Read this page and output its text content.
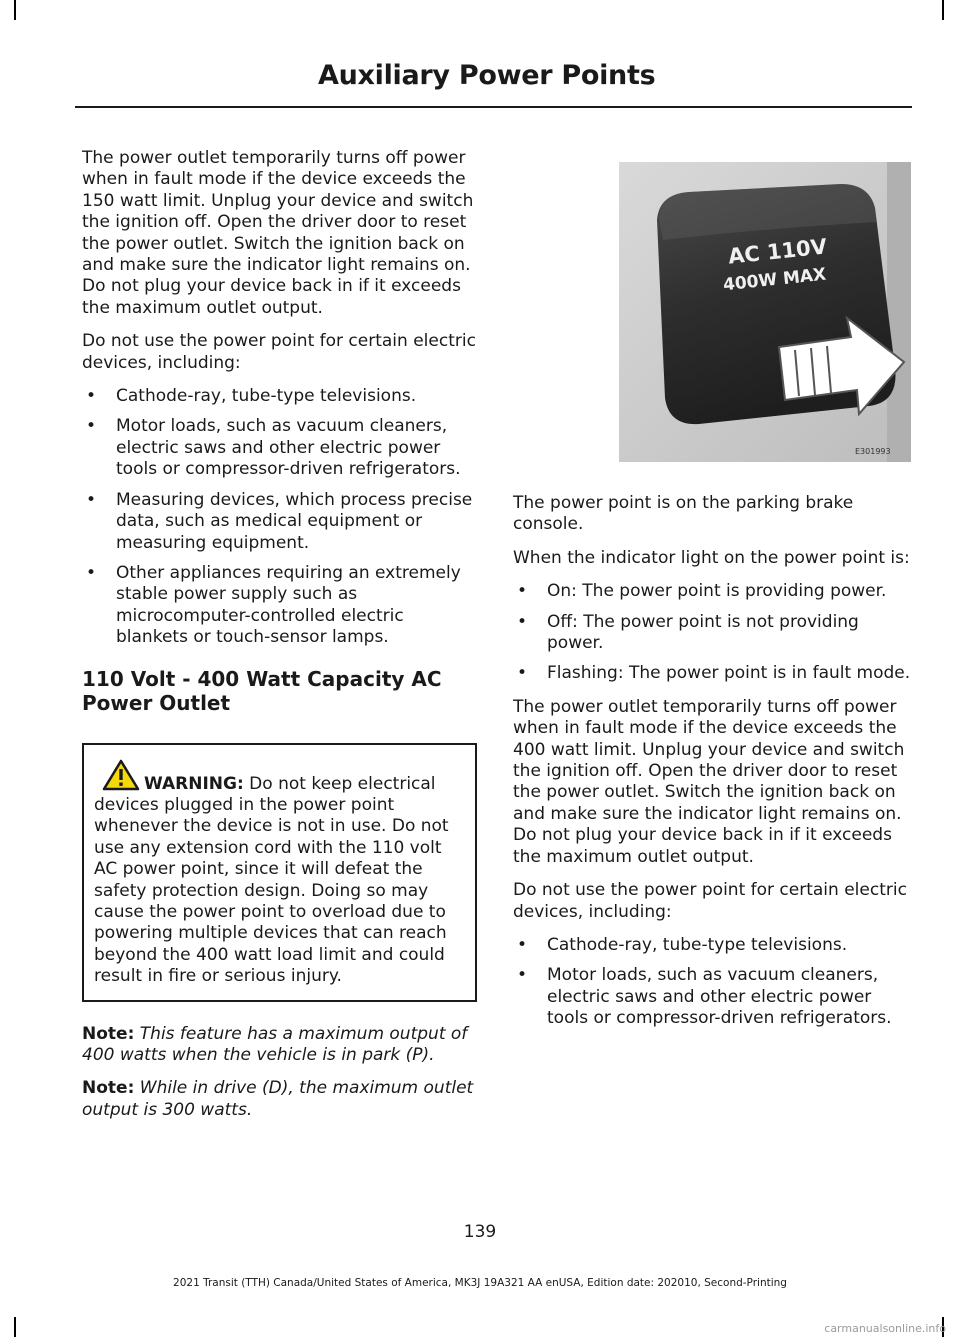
Auxiliary Power Points

The power outlet temporarily turns off power when in fault mode if the device exceeds the 150 watt limit. Unplug your device and switch the ignition off. Open the driver door to reset the power outlet. Switch the ignition back on and make sure the indicator light remains on. Do not plug your device back in if it exceeds the maximum outlet output.

Do not use the power point for certain electric devices, including:

• Cathode-ray, tube-type televisions.
• Motor loads, such as vacuum cleaners, electric saws and other electric power tools or compressor-driven refrigerators.
• Measuring devices, which process precise data, such as medical equipment or measuring equipment.
• Other appliances requiring an extremely stable power supply such as microcomputer-controlled electric blankets or touch-sensor lamps.
110 Volt - 400 Watt Capacity AC Power Outlet
WARNING: Do not keep electrical devices plugged in the power point whenever the device is not in use. Do not use any extension cord with the 110 volt AC power point, since it will defeat the safety protection design. Doing so may cause the power point to overload due to powering multiple devices that can reach beyond the 400 watt load limit and could result in fire or serious injury.

Note: This feature has a maximum output of 400 watts when the vehicle is in park (P).

Note: While in drive (D), the maximum outlet output is 300 watts.

AC 110V
400W MAX
E301993

The power point is on the parking brake console.

When the indicator light on the power point is:

• On: The power point is providing power.
• Off: The power point is not providing power.
• Flashing: The power point is in fault mode.

The power outlet temporarily turns off power when in fault mode if the device exceeds the 400 watt limit. Unplug your device and switch the ignition off. Open the driver door to reset the power outlet. Switch the ignition back on and make sure the indicator light remains on. Do not plug your device back in if it exceeds the maximum outlet output.

Do not use the power point for certain electric devices, including:

• Cathode-ray, tube-type televisions.
• Motor loads, such as vacuum cleaners, electric saws and other electric power tools or compressor-driven refrigerators.
139
2021 Transit (TTH) Canada/United States of America, MK3J 19A321 AA enUSA, Edition date: 202010, Second-Printing
carmanualsonline.info
